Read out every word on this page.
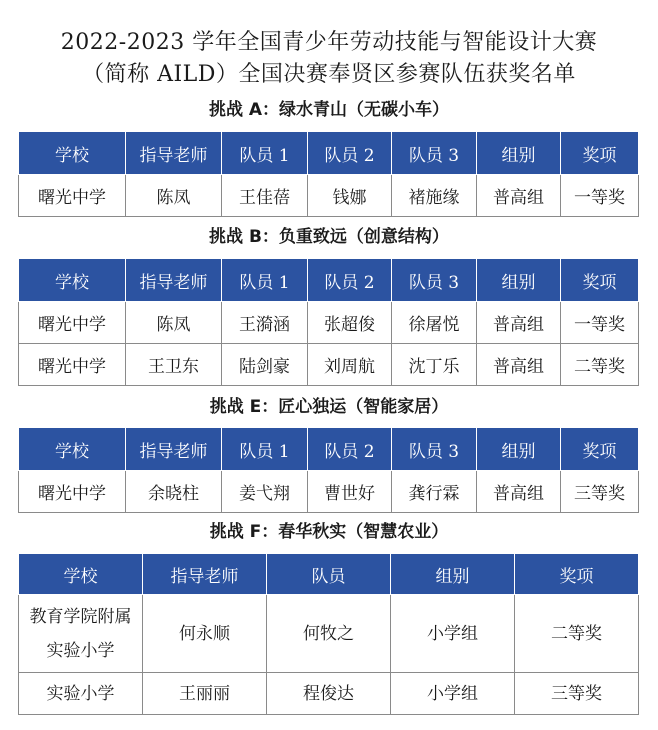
2022-2023 学年全国青少年劳动技能与智能设计大赛
（简称 AILD）全国决赛奉贤区参赛队伍获奖名单
挑战 A：绿水青山（无碳小车）
学校	指导老师	队员 1	队员 2	队员 3	组别	奖项
曙光中学	陈凤	王佳蓓	钱娜	褚施缘	普高组	一等奖
挑战 B：负重致远（创意结构）
学校	指导老师	队员 1	队员 2	队员 3	组别	奖项
曙光中学	陈凤	王漪涵	张超俊	徐屠悦	普高组	一等奖
曙光中学	王卫东	陆剑豪	刘周航	沈丁乐	普高组	二等奖
挑战 E：匠心独运（智能家居）
学校	指导老师	队员 1	队员 2	队员 3	组别	奖项
曙光中学	余晓柱	姜弋翔	曹世好	龚行霖	普高组	三等奖
挑战 F：春华秋实（智慧农业）
学校	指导老师	队员	组别	奖项
教育学院附属实验小学	何永顺	何牧之	小学组	二等奖
实验小学	王丽丽	程俊达	小学组	三等奖
